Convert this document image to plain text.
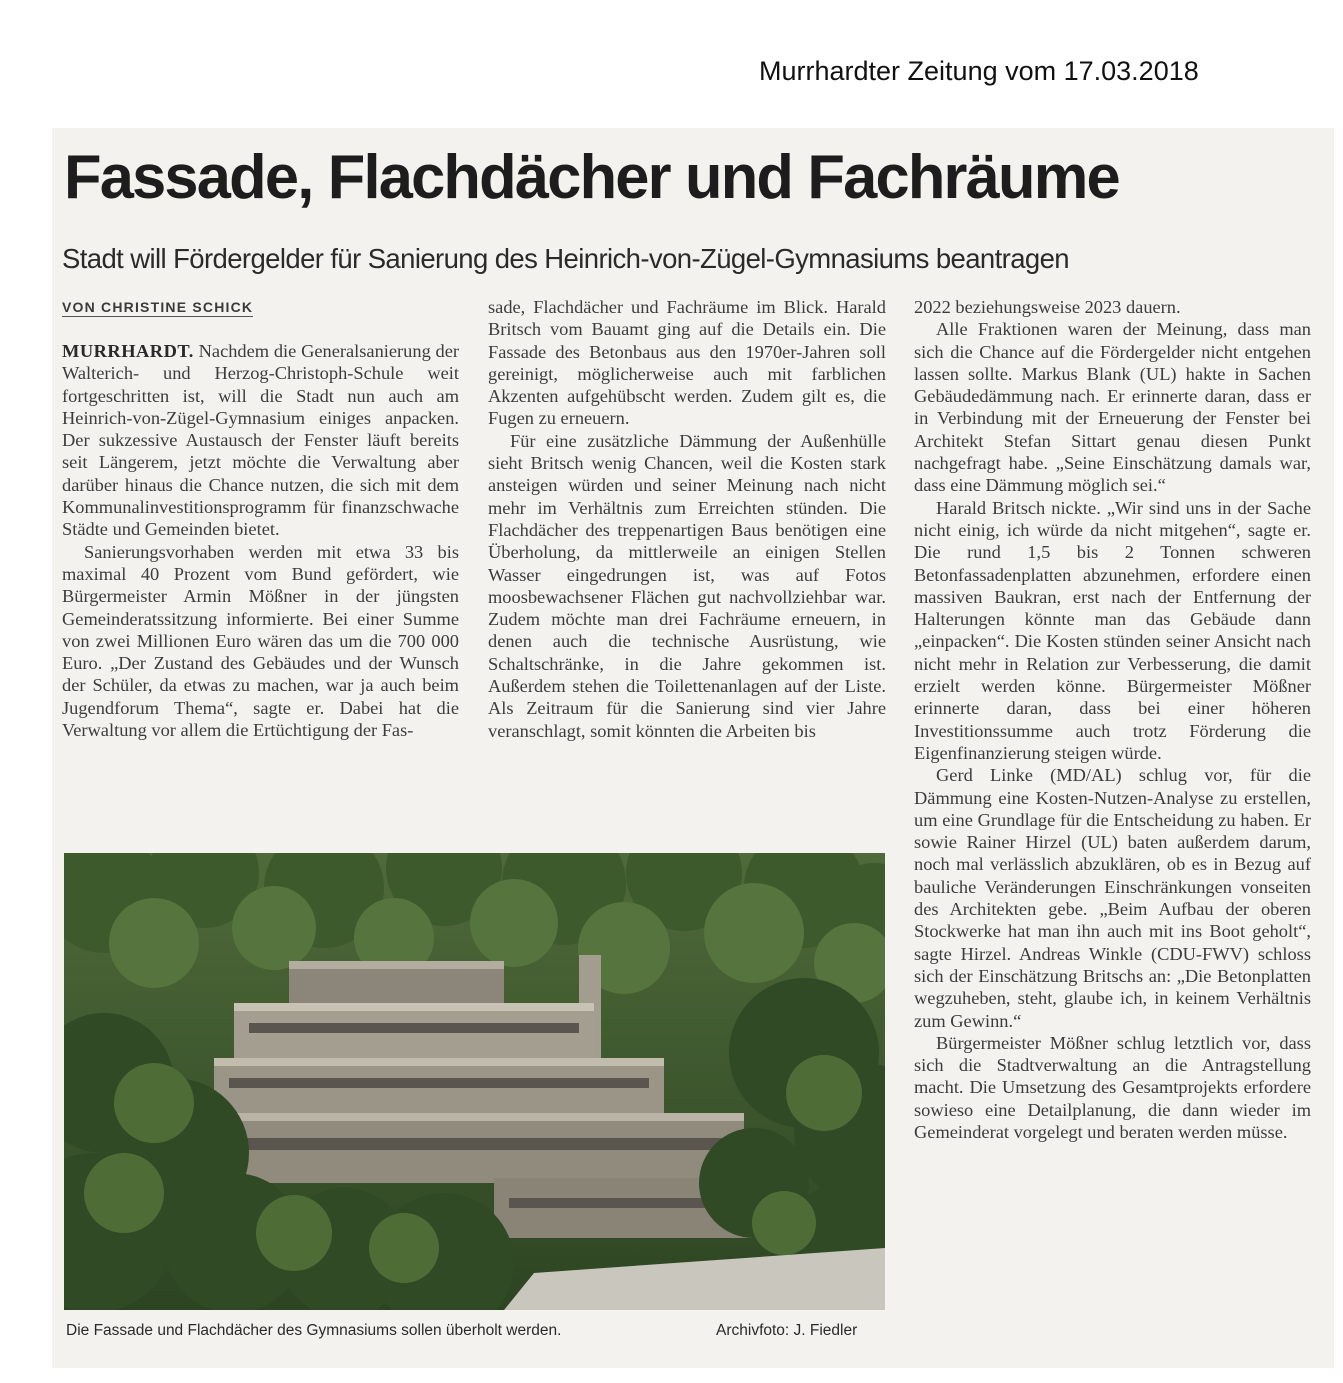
Murrhardter Zeitung vom 17.03.2018
Fassade, Flachdächer und Fachräume
Stadt will Fördergelder für Sanierung des Heinrich-von-Zügel-Gymnasiums beantragen
VON CHRISTINE SCHICK

MURRHARDT. Nachdem die Generalsanierung der Walterich- und Herzog-Christoph-Schule weit fortgeschritten ist, will die Stadt nun auch am Heinrich-von-Zügel-Gymnasium einiges anpacken. Der sukzessive Austausch der Fenster läuft bereits seit Längerem, jetzt möchte die Verwaltung aber darüber hinaus die Chance nutzen, die sich mit dem Kommunalinvestitionsprogramm für finanzschwache Städte und Gemeinden bietet.

Sanierungsvorhaben werden mit etwa 33 bis maximal 40 Prozent vom Bund gefördert, wie Bürgermeister Armin Mößner in der jüngsten Gemeinderatssitzung informierte. Bei einer Summe von zwei Millionen Euro wären das um die 700 000 Euro. „Der Zustand des Gebäudes und der Wunsch der Schüler, da etwas zu machen, war ja auch beim Jugendforum Thema“, sagte er. Dabei hat die Verwaltung vor allem die Ertüchtigung der Fas-

sade, Flachdächer und Fachräume im Blick. Harald Britsch vom Bauamt ging auf die Details ein. Die Fassade des Betonbaus aus den 1970er-Jahren soll gereinigt, möglicherweise auch mit farblichen Akzenten aufgehübscht werden. Zudem gilt es, die Fugen zu erneuern.

Für eine zusätzliche Dämmung der Außenhülle sieht Britsch wenig Chancen, weil die Kosten stark ansteigen würden und seiner Meinung nach nicht mehr im Verhältnis zum Erreichten stünden. Die Flachdächer des treppenartigen Baus benötigen eine Überholung, da mittlerweile an einigen Stellen Wasser eingedrungen ist, was auf Fotos moosbewachsener Flächen gut nachvollziehbar war. Zudem möchte man drei Fachräume erneuern, in denen auch die technische Ausrüstung, wie Schaltschränke, in die Jahre gekommen ist. Außerdem stehen die Toilettenanlagen auf der Liste. Als Zeitraum für die Sanierung sind vier Jahre veranschlagt, somit könnten die Arbeiten bis

2022 beziehungsweise 2023 dauern.

Alle Fraktionen waren der Meinung, dass man sich die Chance auf die Fördergelder nicht entgehen lassen sollte. Markus Blank (UL) hakte in Sachen Gebäudedämmung nach. Er erinnerte daran, dass er in Verbindung mit der Erneuerung der Fenster bei Architekt Stefan Sittart genau diesen Punkt nachgefragt habe. „Seine Einschätzung damals war, dass eine Dämmung möglich sei.“

Harald Britsch nickte. „Wir sind uns in der Sache nicht einig, ich würde da nicht mitgehen“, sagte er. Die rund 1,5 bis 2 Tonnen schweren Betonfassadenplatten abzunehmen, erfordere einen massiven Baukran, erst nach der Entfernung der Halterungen könnte man das Gebäude dann „einpacken“. Die Kosten stünden seiner Ansicht nach nicht mehr in Relation zur Verbesserung, die damit erzielt werden könne. Bürgermeister Mößner erinnerte daran, dass bei einer höheren Investitionssumme auch trotz Förderung die Eigenfinanzierung steigen würde.

Gerd Linke (MD/AL) schlug vor, für die Dämmung eine Kosten-Nutzen-Analyse zu erstellen, um eine Grundlage für die Entscheidung zu haben. Er sowie Rainer Hirzel (UL) baten außerdem darum, noch mal verlässlich abzuklären, ob es in Bezug auf bauliche Veränderungen Einschränkungen vonseiten des Architekten gebe. „Beim Aufbau der oberen Stockwerke hat man ihn auch mit ins Boot geholt“, sagte Hirzel. Andreas Winkle (CDU-FWV) schloss sich der Einschätzung Britschs an: „Die Betonplatten wegzuheben, steht, glaube ich, in keinem Verhältnis zum Gewinn.“

Bürgermeister Mößner schlug letztlich vor, dass sich die Stadtverwaltung an die Antragstellung macht. Die Umsetzung des Gesamtprojekts erfordere sowieso eine Detailplanung, die dann wieder im Gemeinderat vorgelegt und beraten werden müsse.

Die Fassade und Flachdächer des Gymnasiums sollen überholt werden.	Archivfoto: J. Fiedler
